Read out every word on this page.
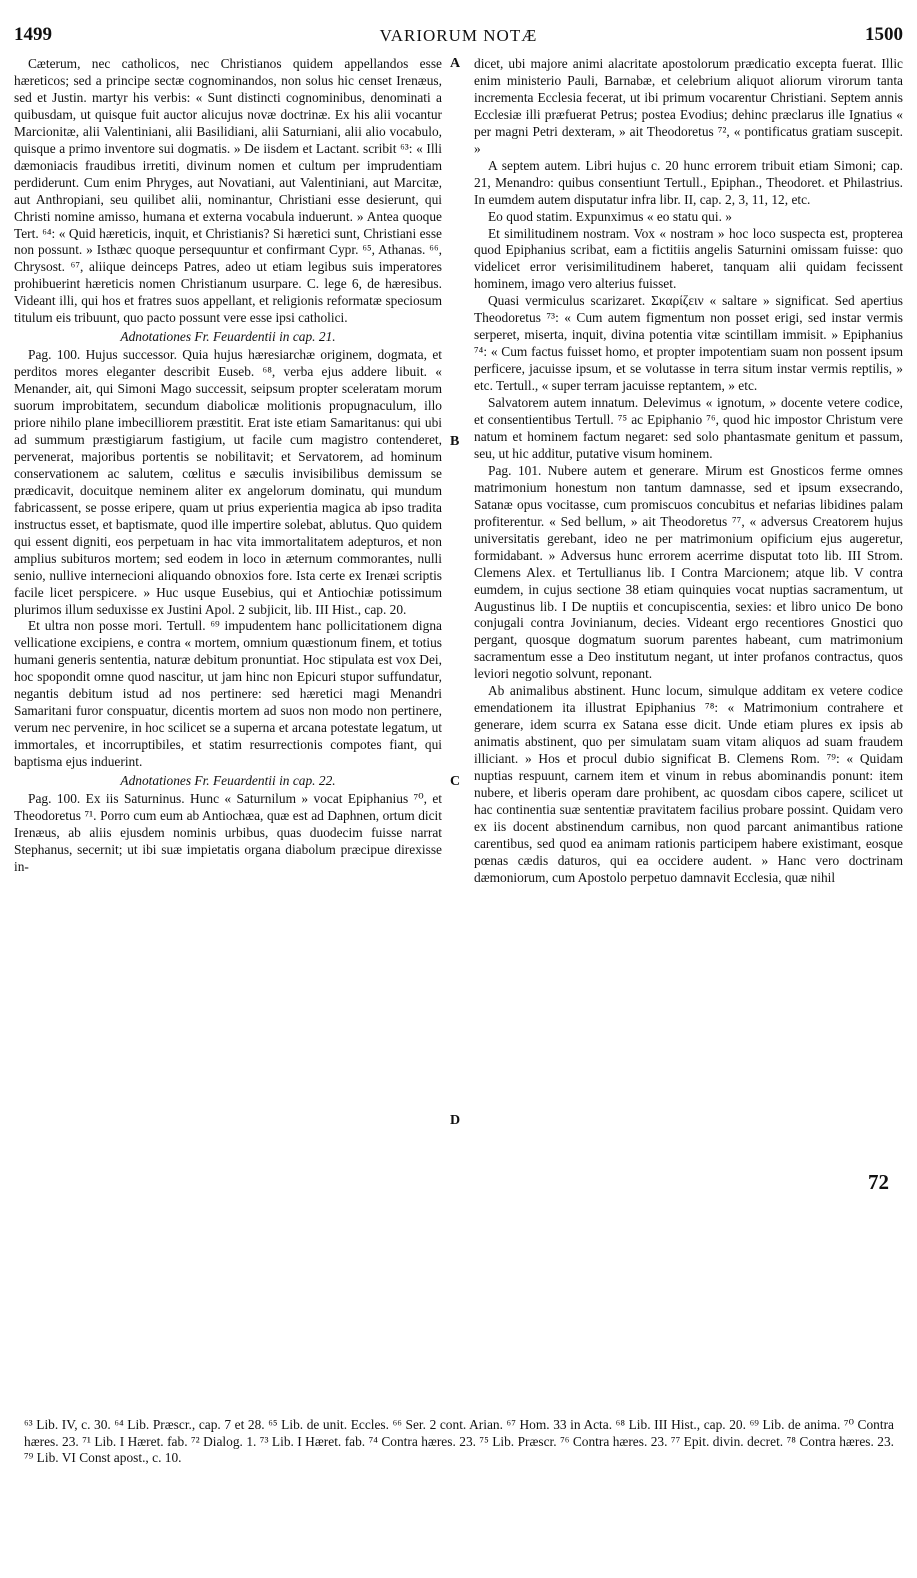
1499	VARIORUM NOTÆ	1500

Cæterum, nec catholicos, nec Christianos quidem appellandos esse hæreticos; sed a principe sectæ cognominandos, non solus hic censet Irenæus, sed et Justin. martyr his verbis: « Sunt distincti cognominibus, denominati a quibusdam, ut quisque fuit auctor alicujus novæ doctrinæ. Ex his alii vocantur Marcionitæ, alii Valentiniani, alii Basilidiani, alii Saturniani, alii alio vocabulo, quisque a primo inventore sui dogmatis. » De iisdem et Lactant. scribit ⁶³: « Illi dæmoniacis fraudibus irretiti, divinum nomen et cultum per imprudentiam perdiderunt. Cum enim Phryges, aut Novatiani, aut Valentiniani, aut Marcitæ, aut Anthropiani, seu quilibet alii, nominantur, Christiani esse desierunt, qui Christi nomine amisso, humana et externa vocabula induerunt. » Antea quoque Tert. ⁶⁴: « Quid hæreticis, inquit, et Christianis? Si hæretici sunt, Christiani esse non possunt. » Isthæc quoque persequuntur et confirmant Cypr. ⁶⁵, Athanas. ⁶⁶, Chrysost. ⁶⁷, aliique deinceps Patres, adeo ut etiam legibus suis imperatores prohibuerint hæreticis nomen Christianum usurpare. C. lege 6, de hæresibus. Videant illi, qui hos et fratres suos appellant, et religionis reformatæ speciosum titulum eis tribuunt, quo pacto possunt vere esse ipsi catholici.

Adnotationes Fr. Feuardentii in cap. 21.

Pag. 100. Hujus successor. Quia hujus hæresiarchæ originem, dogmata, et perditos mores eleganter describit Euseb. ⁶⁸, verba ejus addere libuit. « Menander, ait, qui Simoni Mago successit, seipsum propter sceleratam morum suorum improbitatem, secundum diabolicæ molitionis propugnaculum, illo priore nihilo plane imbecilliorem præstitit. Erat iste etiam Samaritanus: qui ubi ad summum præstigiarum fastigium, ut facile cum magistro contenderet, pervenerat, majoribus portentis se nobilitavit; et Servatorem, ad hominum conservationem ac salutem, cœlitus e sæculis invisibilibus demissum se prædicavit, docuitque neminem aliter ex angelorum dominatu, qui mundum fabricassent, se posse eripere, quam ut prius experientia magica ab ipso tradita instructus esset, et baptismate, quod ille impertire solebat, ablutus. Quo quidem qui essent digniti, eos perpetuam in hac vita immortalitatem adepturos, et non amplius subituros mortem; sed eodem in loco in æternum commorantes, nulli senio, nullive internecioni aliquando obnoxios fore. Ista certe ex Irenæi scriptis facile licet perspicere. » Huc usque Eusebius, qui et Antiochiæ potissimum plurimos illum seduxisse ex Justini Apol. 2 subjicit, lib. III Hist., cap. 20.

Et ultra non posse mori. Tertull. ⁶⁹ impudentem hanc pollicitationem digna vellicatione excipiens, e contra « mortem, omnium quæstionum finem, et totius humani generis sententia, naturæ debitum pronuntiat. Hoc stipulata est vox Dei, hoc spopondit omne quod nascitur, ut jam hinc non Epicuri stupor suffundatur, negantis debitum istud ad nos pertinere: sed hæretici magi Menandri Samaritani furor conspuatur, dicentis mortem ad suos non modo non pertinere, verum nec pervenire, in hoc scilicet se a superna et arcana potestate legatum, ut immortales, et incorruptibiles, et statim resurrectionis compotes fiant, qui baptisma ejus induerint.

Adnotationes Fr. Feuardentii in cap. 22.

Pag. 100. Ex iis Saturninus. Hunc « Saturnilum » vocat Epiphanius ⁷⁰, et Theodoretus ⁷¹. Porro cum eum ab Antiochæa, quæ est ad Daphnen, ortum dicit Irenæus, ab aliis ejusdem nominis urbibus, quas duodecim fuisse narrat Stephanus, secernit; ut ibi suæ impietatis organa diabolum præcipue direxisse in-

A
B
C
D

dicet, ubi majore animi alacritate apostolorum prædicatio excepta fuerat. Illic enim ministerio Pauli, Barnabæ, et celebrium aliquot aliorum virorum tanta incrementa Ecclesia fecerat, ut ibi primum vocarentur Christiani. Septem annis Ecclesiæ illi præfuerat Petrus; postea Evodius; dehinc præclarus ille Ignatius « per magni Petri dexteram, » ait Theodoretus ⁷², « pontificatus gratiam suscepit. »

A septem autem. Libri hujus c. 20 hunc errorem tribuit etiam Simoni; cap. 21, Menandro: quibus consentiunt Tertull., Epiphan., Theodoret. et Philastrius. In eumdem autem disputatur infra libr. II, cap. 2, 3, 11, 12, etc.

Eo quod statim. Expunximus « eo statu qui. »

Et similitudinem nostram. Vox « nostram » hoc loco suspecta est, propterea quod Epiphanius scribat, eam a fictitiis angelis Saturnini omissam fuisse: quo videlicet error verisimilitudinem haberet, tanquam alii quidam fecissent hominem, imago vero alterius fuisset.

Quasi vermiculus scarizaret. Σκαρίζειν « saltare » significat. Sed apertius Theodoretus ⁷³: « Cum autem figmentum non posset erigi, sed instar vermis serperet, miserta, inquit, divina potentia vitæ scintillam immisit. » Epiphanius ⁷⁴: « Cum factus fuisset homo, et propter impotentiam suam non possent ipsum perficere, jacuisse ipsum, et se volutasse in terra situm instar vermis reptilis, » etc. Tertull., « super terram jacuisse reptantem, » etc.

Salvatorem autem innatum. Delevimus « ignotum, » docente vetere codice, et consentientibus Tertull. ⁷⁵ ac Epiphanio ⁷⁶, quod hic impostor Christum vere natum et hominem factum negaret: sed solo phantasmate genitum et passum, seu, ut hic additur, putative visum hominem.

Pag. 101. Nubere autem et generare. Mirum est Gnosticos ferme omnes matrimonium honestum non tantum damnasse, sed et ipsum exsecrando, Satanæ opus vocitasse, cum promiscuos concubitus et nefarias libidines palam profiterentur. « Sed bellum, » ait Theodoretus ⁷⁷, « adversus Creatorem hujus universitatis gerebant, ideo ne per matrimonium opificium ejus augeretur, formidabant. » Adversus hunc errorem acerrime disputat toto lib. III Strom. Clemens Alex. et Tertullianus lib. I Contra Marcionem; atque lib. V contra eumdem, in cujus sectione 38 etiam quinquies vocat nuptias sacramentum, ut Augustinus lib. I De nuptiis et concupiscentia, sexies: et libro unico De bono conjugali contra Jovinianum, decies. Videant ergo recentiores Gnostici quo pergant, quosque dogmatum suorum parentes habeant, cum matrimonium sacramentum esse a Deo institutum negant, ut inter profanos contractus, quos leviori negotio solvunt, reponant.

Ab animalibus abstinent. Hunc locum, simulque additam ex vetere codice emendationem ita illustrat Epiphanius ⁷⁸: « Matrimonium contrahere et generare, idem scurra ex Satana esse dicit. Unde etiam plures ex ipsis ab animatis abstinent, quo per simulatam suam vitam aliquos ad suam fraudem illiciant. » Hos et procul dubio significat B. Clemens Rom. ⁷⁹: « Quidam nuptias respuunt, carnem item et vinum in rebus abominandis ponunt: item nubere, et liberis operam dare prohibent, ac quosdam cibos capere, scilicet ut hac continentia suæ sententiæ pravitatem facilius probare possint. Quidam vero ex iis docent abstinendum carnibus, non quod parcant animantibus ratione carentibus, sed quod ea animam rationis participem habere existimant, eosque pœnas cædis daturos, qui ea occidere audent. » Hanc vero doctrinam dæmoniorum, cum Apostolo perpetuo damnavit Ecclesia, quæ nihil

72

⁶³ Lib. IV, c. 30. ⁶⁴ Lib. Præscr., cap. 7 et 28. ⁶⁵ Lib. de unit. Eccles. ⁶⁶ Ser. 2 cont. Arian. ⁶⁷ Hom. 33 in Acta. ⁶⁸ Lib. III Hist., cap. 20. ⁶⁹ Lib. de anima. ⁷⁰ Contra hæres. 23. ⁷¹ Lib. I Hæret. fab. ⁷² Dialog. 1. ⁷³ Lib. I Hæret. fab. ⁷⁴ Contra hæres. 23. ⁷⁵ Lib. Præscr. ⁷⁶ Contra hæres. 23. ⁷⁷ Epit. divin. decret. ⁷⁸ Contra hæres. 23. ⁷⁹ Lib. VI Const apost., c. 10.
